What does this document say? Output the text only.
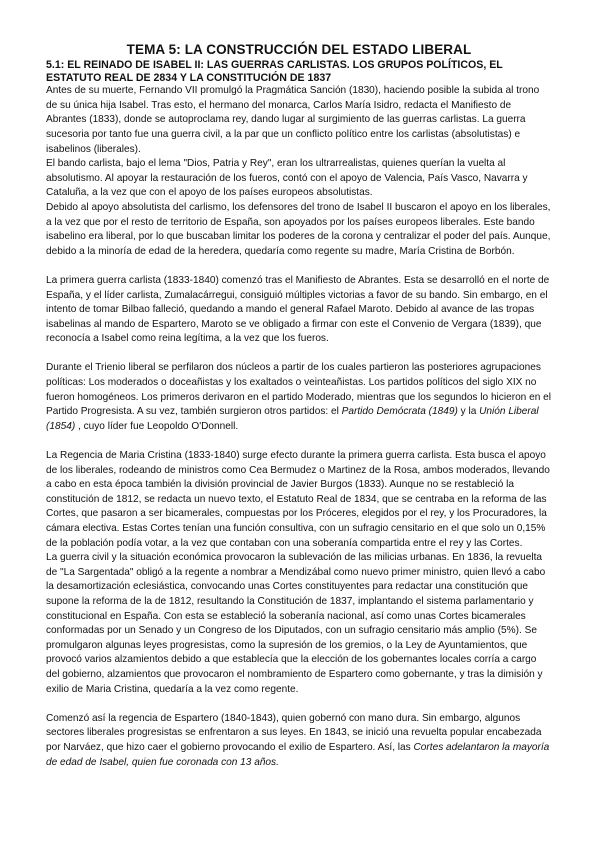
TEMA 5: LA CONSTRUCCIÓN DEL ESTADO LIBERAL
5.1: EL REINADO DE ISABEL II: LAS GUERRAS CARLISTAS. LOS GRUPOS POLÍTICOS, EL ESTATUTO REAL DE 2834 Y LA CONSTITUCIÓN DE 1837

Antes de su muerte, Fernando VII promulgó la Pragmática Sanción (1830), haciendo posible la subida al trono de su única hija Isabel. Tras esto, el hermano del monarca, Carlos María Isidro, redacta el Manifiesto de Abrantes (1833), donde se autoproclama rey, dando lugar al surgimiento de las guerras carlistas. La guerra sucesoria por tanto fue una guerra civil, a la par que un conflicto político entre los carlistas (absolutistas) e isabelinos (liberales).

El bando carlista, bajo el lema "Dios, Patria y Rey", eran los ultrarrealistas, quienes querían la vuelta al absolutismo. Al apoyar la restauración de los fueros, contó con el apoyo de Valencia, País Vasco, Navarra y Cataluña, a la vez que con el apoyo de los países europeos absolutistas.

Debido al apoyo absolutista del carlismo, los defensores del trono de Isabel II buscaron el apoyo en los liberales, a la vez que por el resto de territorio de España, son apoyados por los países europeos liberales. Este bando isabelino era liberal, por lo que buscaban limitar los poderes de la corona y centralizar el poder del país. Aunque, debido a la minoría de edad de la heredera, quedaría como regente su madre, María Cristina de Borbón.

La primera guerra carlista (1833-1840) comenzó tras el Manifiesto de Abrantes. Esta se desarrolló en el norte de España, y el líder carlista, Zumalacárregui, consiguió múltiples victorias a favor de su bando. Sin embargo, en el intento de tomar Bilbao falleció, quedando a mando el general Rafael Maroto. Debido al avance de las tropas isabelinas al mando de Espartero, Maroto se ve obligado a firmar con este el Convenio de Vergara (1839), que reconocía a Isabel como reina legítima, a la vez que los fueros.

Durante el Trienio liberal se perfilaron dos núcleos a partir de los cuales partieron las posteriores agrupaciones políticas: Los moderados o doceañistas y los exaltados o veinteañistas. Los partidos políticos del siglo XIX no fueron homogéneos. Los primeros derivaron en el partido Moderado, mientras que los segundos lo hicieron en el Partido Progresista. A su vez, también surgieron otros partidos: el Partido Demócrata (1849) y la Unión Liberal (1854) , cuyo líder fue Leopoldo O'Donnell.

La Regencia de Maria Cristina (1833-1840) surge efecto durante la primera guerra carlista. Esta busca el apoyo de los liberales, rodeando de ministros como Cea Bermudez o Martinez de la Rosa, ambos moderados, llevando a cabo en esta época también la división provincial de Javier Burgos (1833). Aunque no se restableció la constitución de 1812, se redacta un nuevo texto, el Estatuto Real de 1834, que se centraba en la reforma de las Cortes, que pasaron a ser bicamerales, compuestas por los Próceres, elegidos por el rey, y los Procuradores, la cámara electiva. Estas Cortes tenían una función consultiva, con un sufragio censitario en el que solo un 0,15% de la población podía votar, a la vez que contaban con una soberanía compartida entre el rey y las Cortes.

La guerra civil y la situación económica provocaron la sublevación de las milicias urbanas. En 1836, la revuelta de "La Sargentada" obligó a la regente a nombrar a Mendizábal como nuevo primer ministro, quien llevó a cabo la desamortización eclesiástica, convocando unas Cortes constituyentes para redactar una constitución que supone la reforma de la de 1812, resultando la Constitución de 1837, implantando el sistema parlamentario y constitucional en España. Con esta se estableció la soberanía nacional, así como unas Cortes bicamerales conformadas por un Senado y un Congreso de los Diputados, con un sufragio censitario más amplio (5%). Se promulgaron algunas leyes progresistas, como la supresión de los gremios, o la Ley de Ayuntamientos, que provocó varios alzamientos debido a que establecía que la elección de los gobernantes locales corría a cargo del gobierno, alzamientos que provocaron el nombramiento de Espartero como gobernante, y tras la dimisión y exilio de Maria Cristina, quedaría a la vez como regente.

Comenzó así la regencia de Espartero (1840-1843), quien gobernó con mano dura. Sin embargo, algunos sectores liberales progresistas se enfrentaron a sus leyes. En 1843, se inició una revuelta popular encabezada por Narváez, que hizo caer el gobierno provocando el exilio de Espartero. Así, las Cortes adelantaron la mayoría de edad de Isabel, quien fue coronada con 13 años.
